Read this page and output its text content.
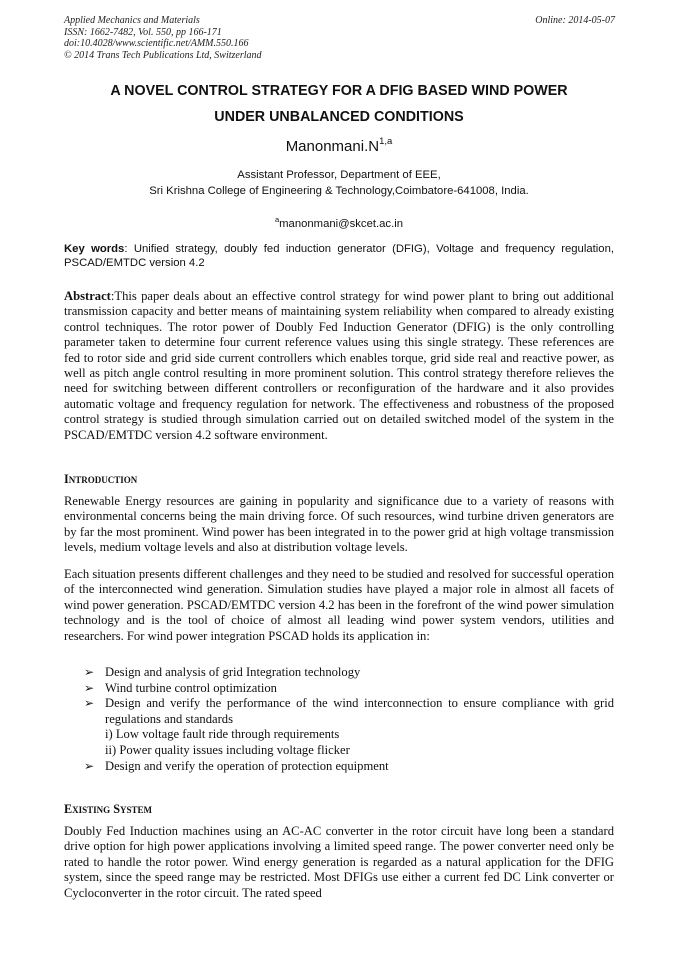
Applied Mechanics and Materials
ISSN: 1662-7482, Vol. 550, pp 166-171
doi:10.4028/www.scientific.net/AMM.550.166
© 2014 Trans Tech Publications Ltd, Switzerland
Online: 2014-05-07
A NOVEL CONTROL STRATEGY FOR A DFIG BASED WIND POWER
UNDER UNBALANCED CONDITIONS
$Manonmani.N^{1,a}$
Assistant Professor, Department of EEE,
Sri Krishna College of Engineering & Technology,Coimbatore-641008, India.
$^a$manonmani@skcet.ac.in
Key words: Unified strategy, doubly fed induction generator (DFIG), Voltage and frequency regulation, PSCAD/EMTDC version 4.2
Abstract:This paper deals about an effective control strategy for wind power plant to bring out additional transmission capacity and better means of maintaining system reliability when compared to already existing control techniques. The rotor power of Doubly Fed Induction Generator (DFIG) is the only controlling parameter taken to determine four current reference values using this single strategy. These references are fed to rotor side and grid side current controllers which enables torque, grid side real and reactive power, as well as pitch angle control resulting in more prominent solution. This control strategy therefore relieves the need for switching between different controllers or reconfiguration of the hardware and it also provides automatic voltage and frequency regulation for network. The effectiveness and robustness of the proposed control strategy is studied through simulation carried out on detailed switched model of the system in the PSCAD/EMTDC version 4.2 software environment.
Introduction
Renewable Energy resources are gaining in popularity and significance due to a variety of reasons with environmental concerns being the main driving force. Of such resources, wind turbine driven generators are by far the most prominent. Wind power has been integrated in to the power grid at high voltage transmission levels, medium voltage levels and also at distribution voltage levels.
Each situation presents different challenges and they need to be studied and resolved for successful operation of the interconnected wind generation. Simulation studies have played a major role in almost all facets of wind power generation. PSCAD/EMTDC version 4.2 has been in the forefront of the wind power simulation technology and is the tool of choice of almost all leading wind power system vendors, utilities and researchers. For wind power integration PSCAD holds its application in:
➢ Design and analysis of grid Integration technology
➢ Wind turbine control optimization
➢ Design and verify the performance of the wind interconnection to ensure compliance with grid regulations and standards
i) Low voltage fault ride through requirements
ii) Power quality issues including voltage flicker
➢ Design and verify the operation of protection equipment
Existing System
Doubly Fed Induction machines using an AC-AC converter in the rotor circuit have long been a standard drive option for high power applications involving a limited speed range. The power converter need only be rated to handle the rotor power. Wind energy generation is regarded as a natural application for the DFIG system, since the speed range may be restricted. Most DFIGs use either a current fed DC Link converter or Cycloconverter in the rotor circuit. The rated speed
